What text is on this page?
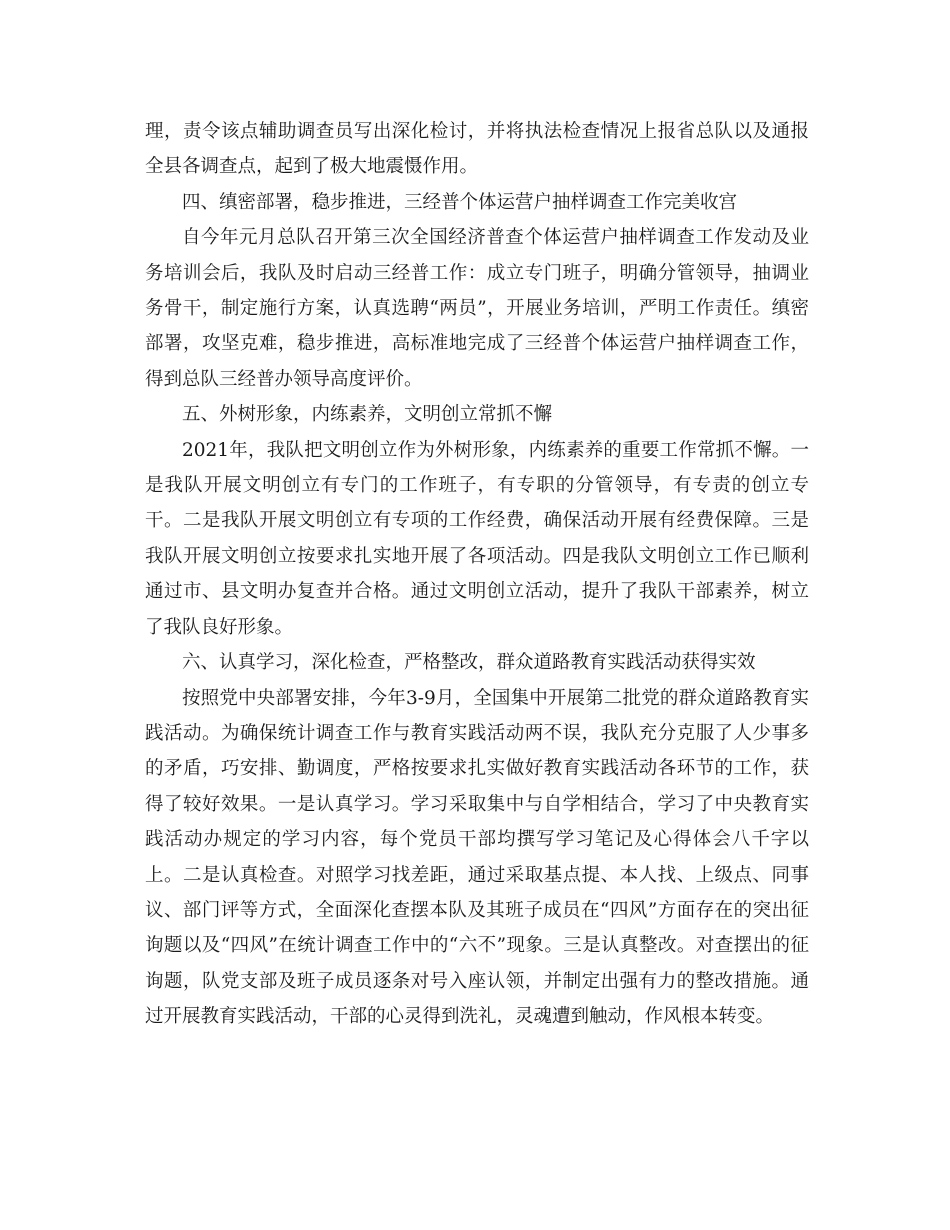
理，责令该点辅助调查员写出深化检讨，并将执法检查情况上报省总队以及通报全县各调查点，起到了极大地震慑作用。

四、缜密部署，稳步推进，三经普个体运营户抽样调查工作完美收宫

自今年元月总队召开第三次全国经济普查个体运营户抽样调查工作发动及业务培训会后，我队及时启动三经普工作：成立专门班子，明确分管领导，抽调业务骨干，制定施行方案，认真选聘“两员”，开展业务培训，严明工作责任。缜密部署，攻坚克难，稳步推进，高标准地完成了三经普个体运营户抽样调查工作，得到总队三经普办领导高度评价。

五、外树形象，内练素养，文明创立常抓不懈

2021年，我队把文明创立作为外树形象，内练素养的重要工作常抓不懈。一是我队开展文明创立有专门的工作班子，有专职的分管领导，有专责的创立专干。二是我队开展文明创立有专项的工作经费，确保活动开展有经费保障。三是我队开展文明创立按要求扎实地开展了各项活动。四是我队文明创立工作已顺利通过市、县文明办复查并合格。通过文明创立活动，提升了我队干部素养，树立了我队良好形象。

六、认真学习，深化检查，严格整改，群众道路教育实践活动获得实效

按照党中央部署安排，今年3-9月，全国集中开展第二批党的群众道路教育实践活动。为确保统计调查工作与教育实践活动两不误，我队充分克服了人少事多的矛盾，巧安排、勤调度，严格按要求扎实做好教育实践活动各环节的工作，获得了较好效果。一是认真学习。学习采取集中与自学相结合，学习了中央教育实践活动办规定的学习内容，每个党员干部均撰写学习笔记及心得体会八千字以上。二是认真检查。对照学习找差距，通过采取基点提、本人找、上级点、同事议、部门评等方式，全面深化查摆本队及其班子成员在“四风”方面存在的突出征询题以及“四风”在统计调查工作中的“六不”现象。三是认真整改。对查摆出的征询题，队党支部及班子成员逐条对号入座认领，并制定出强有力的整改措施。通过开展教育实践活动，干部的心灵得到洗礼，灵魂遭到触动，作风根本转变。
